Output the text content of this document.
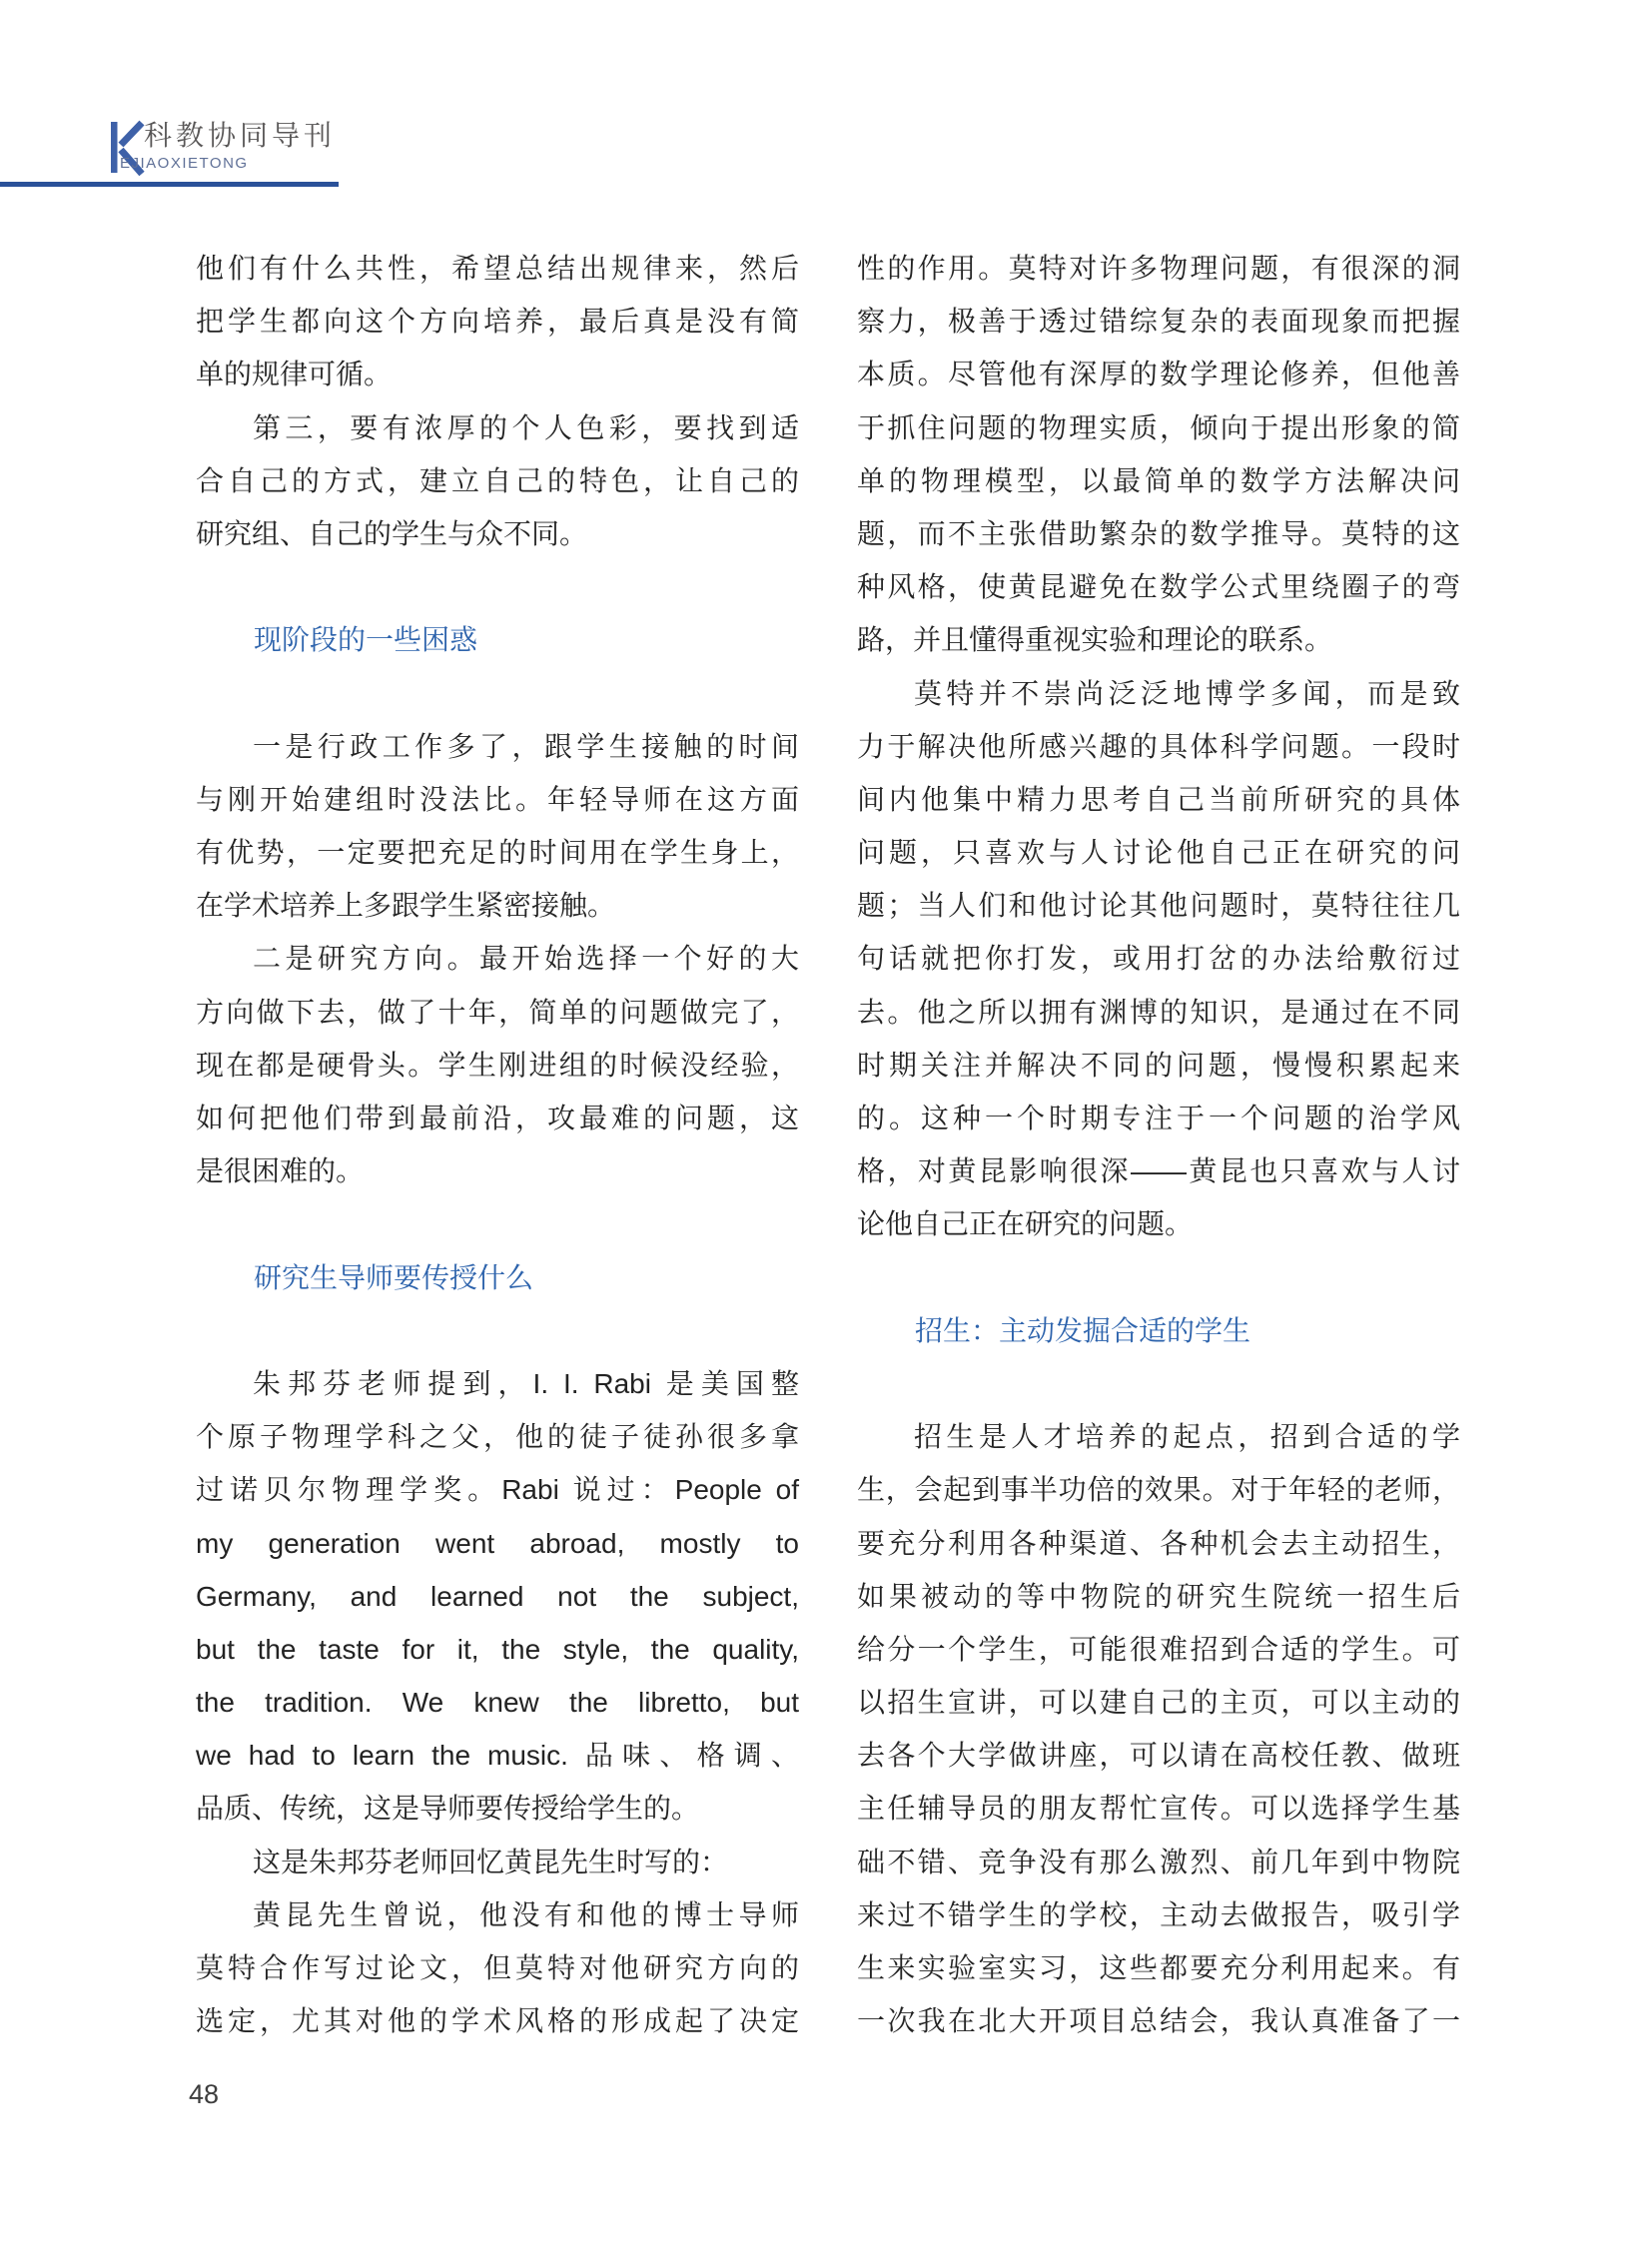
科教协同导刊
EJIAOXIETONG
他们有什么共性，希望总结出规律来，然后
把学生都向这个方向培养，最后真是没有简
单的规律可循。
第三，要有浓厚的个人色彩，要找到适
合自己的方式，建立自己的特色，让自己的
研究组、自己的学生与众不同。
现阶段的一些困惑
一是行政工作多了，跟学生接触的时间
与刚开始建组时没法比。年轻导师在这方面
有优势，一定要把充足的时间用在学生身上，
在学术培养上多跟学生紧密接触。
二是研究方向。最开始选择一个好的大
方向做下去，做了十年，简单的问题做完了，
现在都是硬骨头。学生刚进组的时候没经验，
如何把他们带到最前沿，攻最难的问题，这
是很困难的。
研究生导师要传授什么
朱邦芬老师提到，I. I. Rabi 是美国整
个原子物理学科之父，他的徒子徒孙很多拿
过诺贝尔物理学奖。Rabi 说过：People of
my generation went abroad, mostly to
Germany, and learned not the subject,
but the taste for it, the style, the quality,
the tradition. We knew the libretto, but
we had to learn the music. 品味、格调、
品质、传统，这是导师要传授给学生的。
这是朱邦芬老师回忆黄昆先生时写的：
黄昆先生曾说，他没有和他的博士导师
莫特合作写过论文，但莫特对他研究方向的
选定，尤其对他的学术风格的形成起了决定
性的作用。莫特对许多物理问题，有很深的洞
察力，极善于透过错综复杂的表面现象而把握
本质。尽管他有深厚的数学理论修养，但他善
于抓住问题的物理实质，倾向于提出形象的简
单的物理模型，以最简单的数学方法解决问
题，而不主张借助繁杂的数学推导。莫特的这
种风格，使黄昆避免在数学公式里绕圈子的弯
路，并且懂得重视实验和理论的联系。
莫特并不崇尚泛泛地博学多闻，而是致
力于解决他所感兴趣的具体科学问题。一段时
间内他集中精力思考自己当前所研究的具体
问题，只喜欢与人讨论他自己正在研究的问
题；当人们和他讨论其他问题时，莫特往往几
句话就把你打发，或用打岔的办法给敷衍过
去。他之所以拥有渊博的知识，是通过在不同
时期关注并解决不同的问题，慢慢积累起来
的。这种一个时期专注于一个问题的治学风
格，对黄昆影响很深——黄昆也只喜欢与人讨
论他自己正在研究的问题。
招生：主动发掘合适的学生
招生是人才培养的起点，招到合适的学
生，会起到事半功倍的效果。对于年轻的老师，
要充分利用各种渠道、各种机会去主动招生，
如果被动的等中物院的研究生院统一招生后
给分一个学生，可能很难招到合适的学生。可
以招生宣讲，可以建自己的主页，可以主动的
去各个大学做讲座，可以请在高校任教、做班
主任辅导员的朋友帮忙宣传。可以选择学生基
础不错、竞争没有那么激烈、前几年到中物院
来过不错学生的学校，主动去做报告，吸引学
生来实验室实习，这些都要充分利用起来。有
一次我在北大开项目总结会，我认真准备了一
48
